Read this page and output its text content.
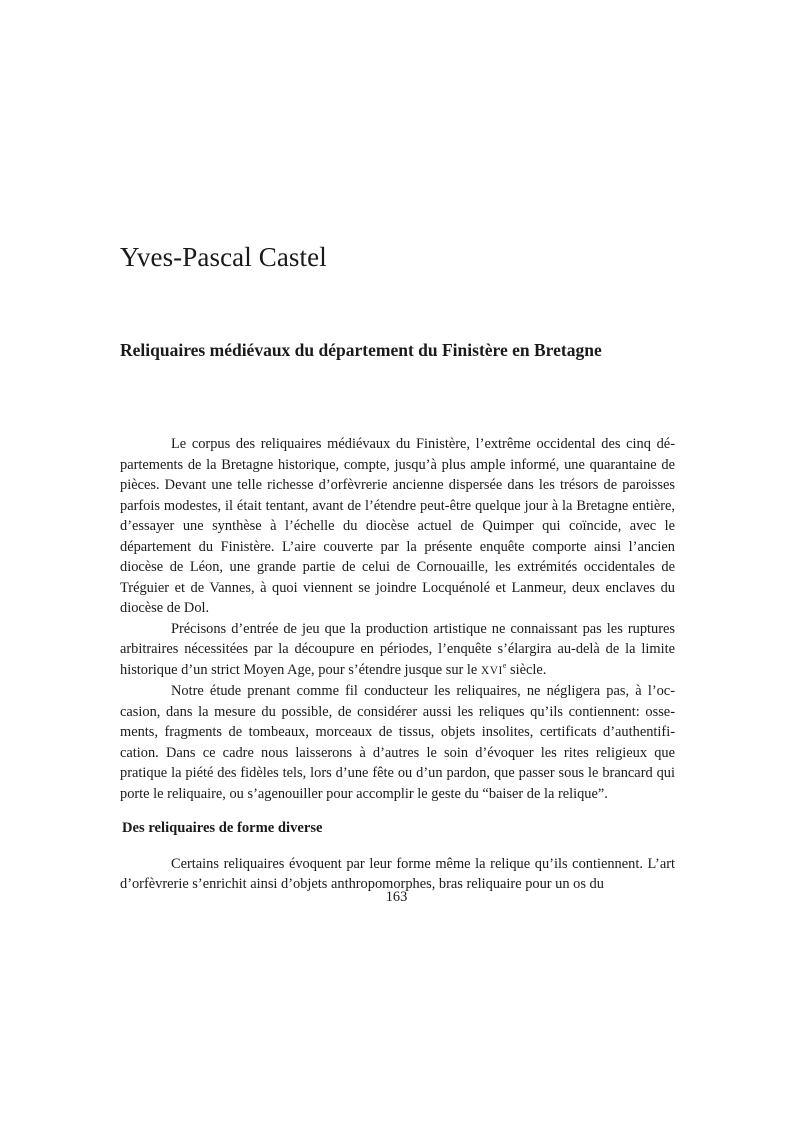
Yves-Pascal Castel
Reliquaires médiévaux du département du Finistère en Bretagne

Le corpus des reliquaires médiévaux du Finistère, l’extrême occidental des cinq départements de la Bretagne historique, compte, jusqu’à plus ample informé, une quarantaine de pièces. Devant une telle richesse d’orfèvrerie ancienne dispersée dans les trésors de paroisses parfois modestes, il était tentant, avant de l’étendre peut-être quelque jour à la Bretagne entière, d’essayer une synthèse à l’échelle du diocèse actuel de Quimper qui coïncide, avec le département du Finistère. L’aire couverte par la présente enquête comporte ainsi l’ancien diocèse de Léon, une grande partie de celui de Cornouaille, les extrémités occidentales de Tréguier et de Vannes, à quoi viennent se joindre Locquénolé et Lanmeur, deux enclaves du diocèse de Dol.

Précisons d’entrée de jeu que la production artistique ne connaissant pas les ruptures arbitraires nécessitées par la découpure en périodes, l’enquête s’élargira au-delà de la limite historique d’un strict Moyen Age, pour s’étendre jusque sur le XVIe siècle.

Notre étude prenant comme fil conducteur les reliquaires, ne négligera pas, à l’occasion, dans la mesure du possible, de considérer aussi les reliques qu’ils contiennent: ossements, fragments de tombeaux, morceaux de tissus, objets insolites, certificats d’authentification. Dans ce cadre nous laisserons à d’autres le soin d’évoquer les rites religieux que pratique la piété des fidèles tels, lors d’une fête ou d’un pardon, que passer sous le brancard qui porte le reliquaire, ou s’agenouiller pour accomplir le geste du “baiser de la relique”.

Des reliquaires de forme diverse

Certains reliquaires évoquent par leur forme même la relique qu’ils contiennent. L’art d’orfèvrerie s’enrichit ainsi d’objets anthropomorphes, bras reliquaire pour un os du

163
